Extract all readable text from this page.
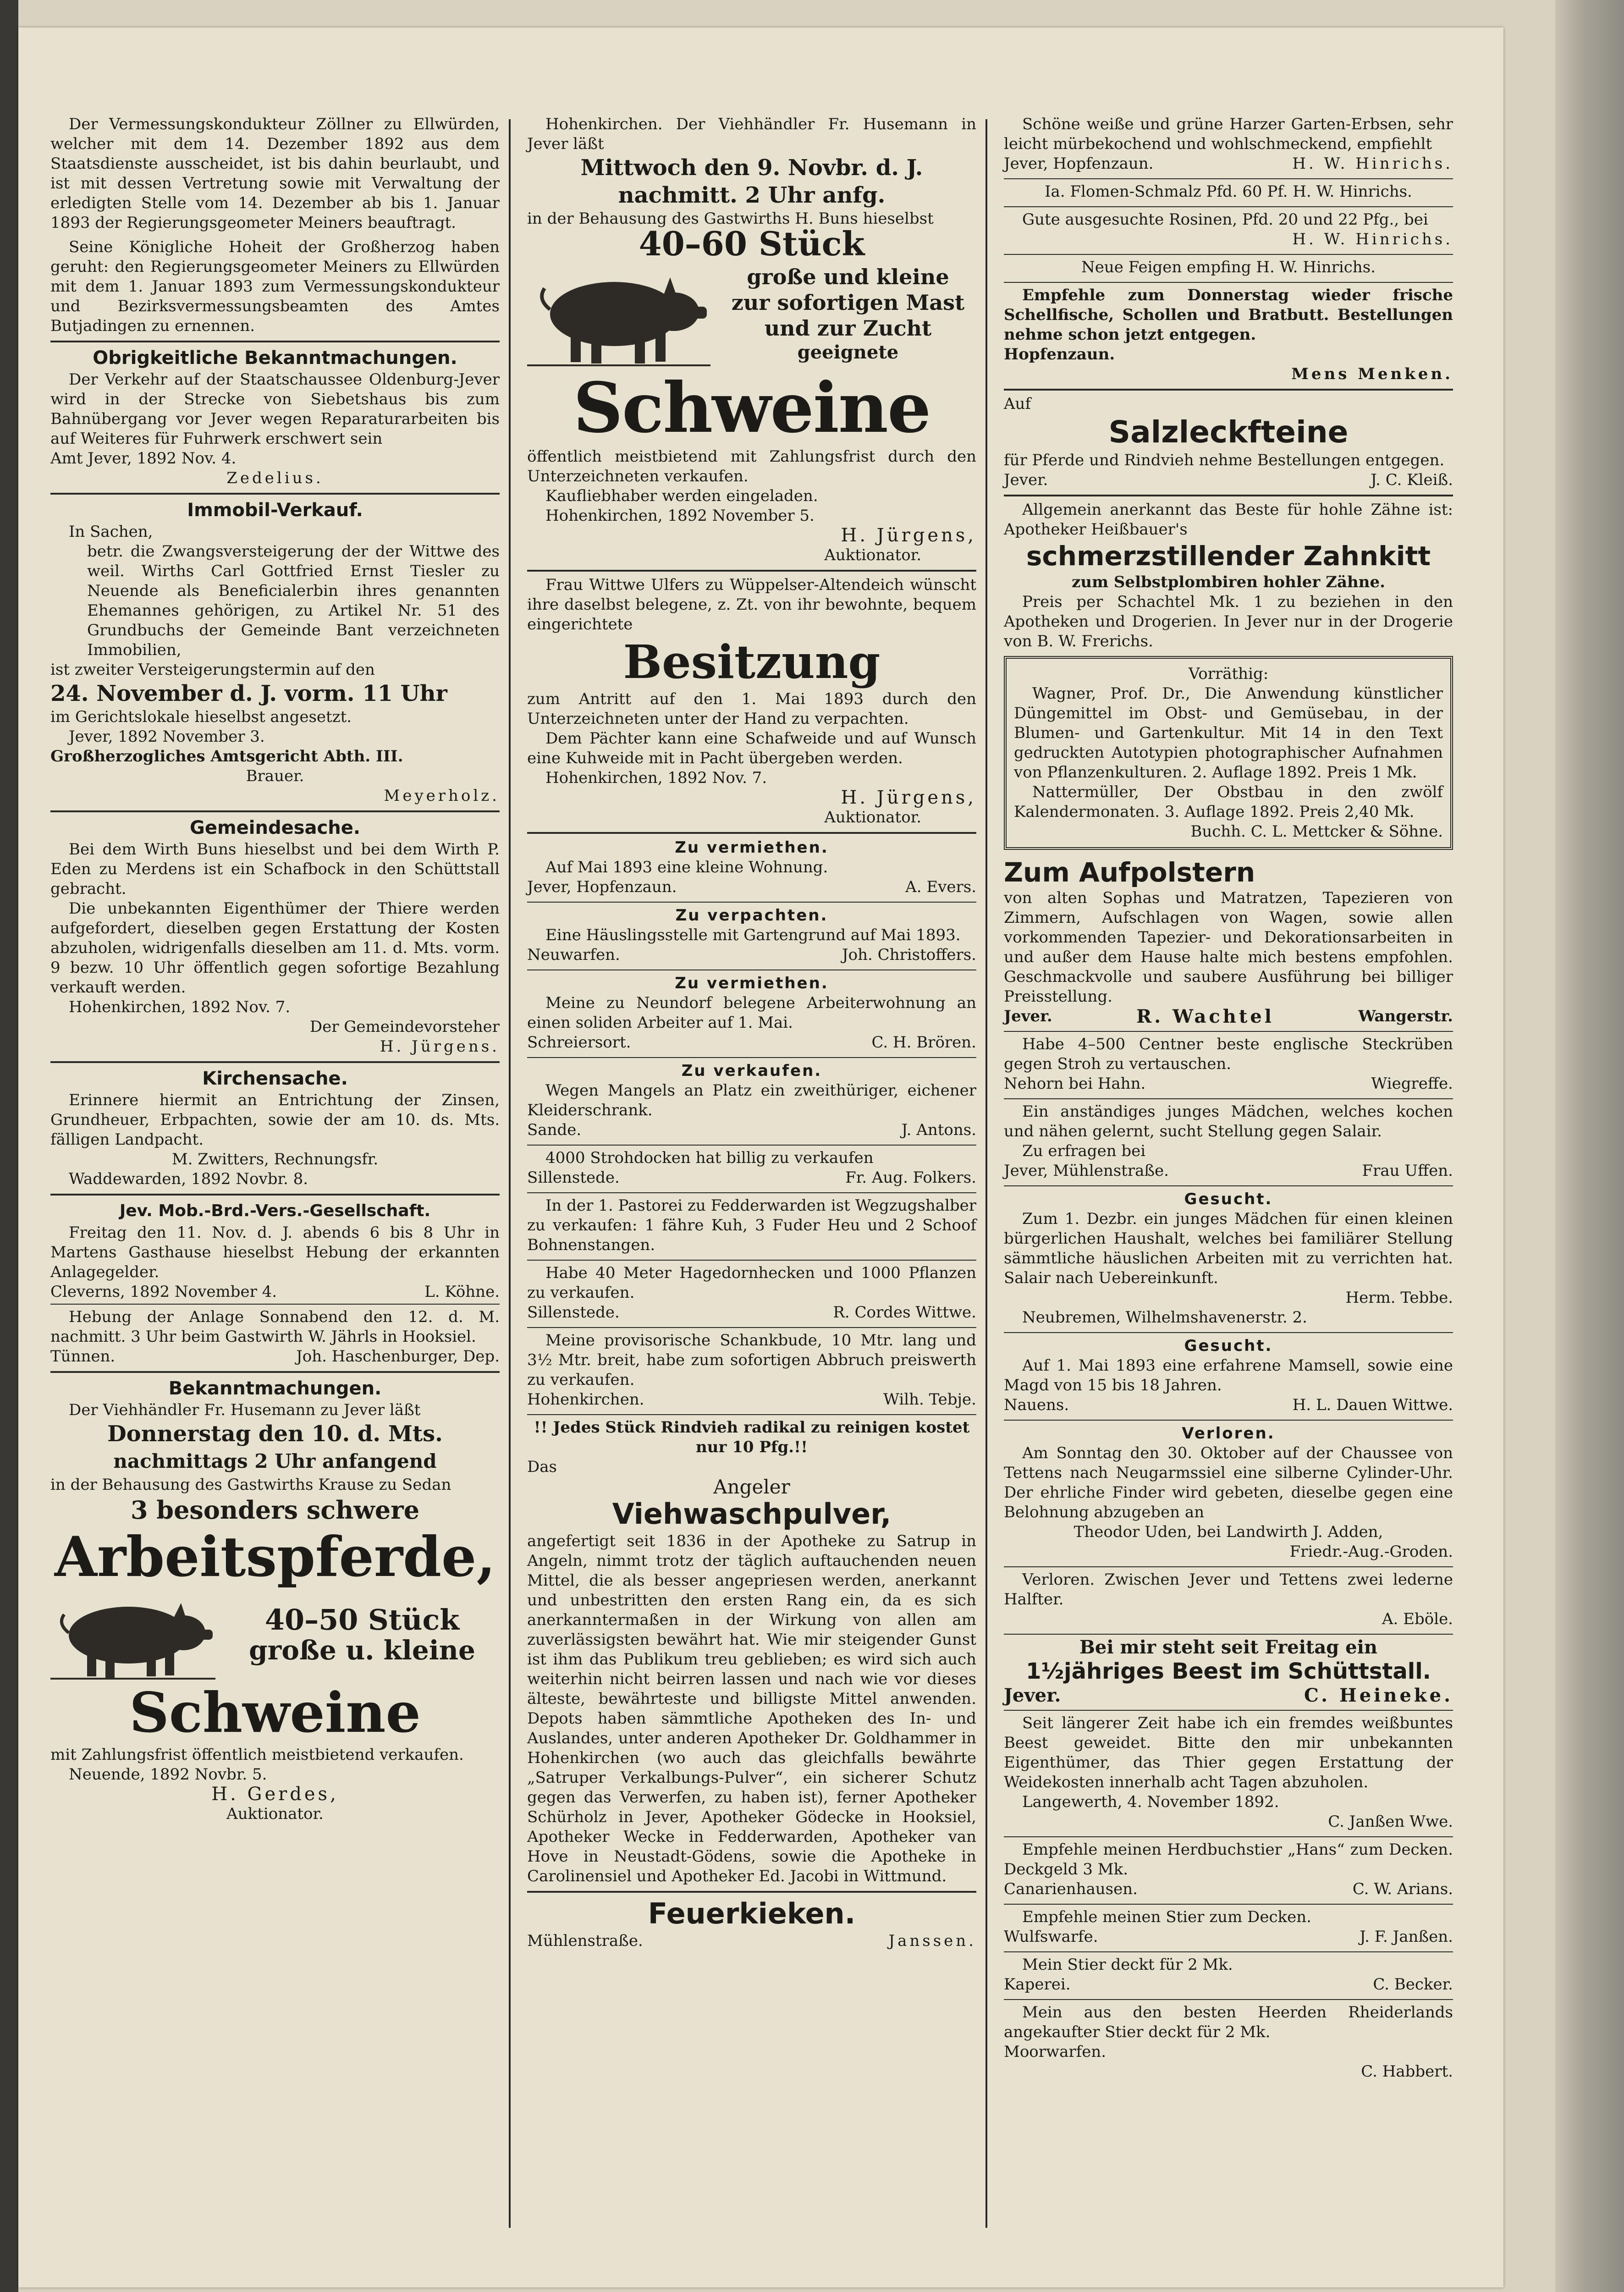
Der Vermessungskondukteur Zöllner zu Ellwürden, welcher mit dem 14. Dezember 1892 aus dem Staatsdienste ausscheidet, ist bis dahin beurlaubt, und ist mit dessen Vertretung sowie mit Verwaltung der erledigten Stelle vom 14. Dezember ab bis 1. Januar 1893 der Regierungsgeometer Meiners beauftragt.
Seine Königliche Hoheit der Großherzog haben geruht: den Regierungsgeometer Meiners zu Ellwürden mit dem 1. Januar 1893 zum Vermessungskondukteur und Bezirksvermessungsbeamten des Amtes Butjadingen zu ernennen.
Obrigkeitliche Bekanntmachungen.
Der Verkehr auf der Staatschaussee Oldenburg-Jever wird in der Strecke von Siebetshaus bis zum Bahnübergang vor Jever wegen Reparaturarbeiten bis auf Weiteres für Fuhrwerk erschwert sein
Amt Jever, 1892 Nov. 4.
Zedelius.
Immobil-Verkauf.
In Sachen,
betr. die Zwangsversteigerung der der Wittwe des weil. Wirths Carl Gottfried Ernst Tiesler zu Neuende als Beneficialerbin ihres genannten Ehemannes gehörigen, zu Artikel Nr. 51 des Grundbuchs der Gemeinde Bant verzeichneten Immobilien,
ist zweiter Versteigerungstermin auf den
24. November d. J. vorm. 11 Uhr
im Gerichtslokale hieselbst angesetzt.
Jever, 1892 November 3.
Großherzogliches Amtsgericht Abth. III.
Brauer.
Meyerholz.
Gemeindesache.
Bei dem Wirth Buns hieselbst und bei dem Wirth P. Eden zu Merdens ist ein Schafbock in den Schüttstall gebracht.
Die unbekannten Eigenthümer der Thiere werden aufgefordert, dieselben gegen Erstattung der Kosten abzuholen, widrigenfalls dieselben am 11. d. Mts. vorm. 9 bezw. 10 Uhr öffentlich gegen sofortige Bezahlung verkauft werden.
Hohenkirchen, 1892 Nov. 7.
Der Gemeindevorsteher
H. Jürgens.
Kirchensache.
Erinnere hiermit an Entrichtung der Zinsen, Grundheuer, Erbpachten, sowie der am 10. ds. Mts. fälligen Landpacht.
M. Zwitters, Rechnungsfr.
Waddewarden, 1892 Novbr. 8.
Jev. Mob.-Brd.-Vers.-Gesellschaft.
Freitag den 11. Nov. d. J. abends 6 bis 8 Uhr in Martens Gasthause hieselbst Hebung der erkannten Anlagegelder.
Cleverns, 1892 November 4.	L. Köhne.
Hebung der Anlage Sonnabend den 12. d. M. nachmitt. 3 Uhr beim Gastwirth W. Jährls in Hooksiel.
Tünnen.	Joh. Haschenburger, Dep.
Bekanntmachungen.
Der Viehhändler Fr. Husemann zu Jever läßt
Donnerstag den 10. d. Mts.
nachmittags 2 Uhr anfangend
in der Behausung des Gastwirths Krause zu Sedan
3 besonders schwere
Arbeitspferde,
40–50 Stück
große u. kleine
Schweine
mit Zahlungsfrist öffentlich meistbietend verkaufen.
Neuende, 1892 Novbr. 5.
H. Gerdes,
Auktionator.
Hohenkirchen. Der Viehhändler Fr. Husemann in Jever läßt
Mittwoch den 9. Novbr. d. J.
nachmitt. 2 Uhr anfg.
in der Behausung des Gastwirths H. Buns hieselbst
40–60 Stück
große und kleine
zur sofortigen Mast
und zur Zucht
geeignete
Schweine
öffentlich meistbietend mit Zahlungsfrist durch den Unterzeichneten verkaufen.
Kaufliebhaber werden eingeladen.
Hohenkirchen, 1892 November 5.
H. Jürgens,
Auktionator.
Frau Wittwe Ulfers zu Wüppelser-Altendeich wünscht ihre daselbst belegene, z. Zt. von ihr bewohnte, bequem eingerichtete
Besitzung
zum Antritt auf den 1. Mai 1893 durch den Unterzeichneten unter der Hand zu verpachten.
Dem Pächter kann eine Schafweide und auf Wunsch eine Kuhweide mit in Pacht übergeben werden.
Hohenkirchen, 1892 Nov. 7.
H. Jürgens,
Auktionator.
Zu vermiethen.
Auf Mai 1893 eine kleine Wohnung.
Jever, Hopfenzaun.	A. Evers.
Zu verpachten.
Eine Häuslingsstelle mit Gartengrund auf Mai 1893.
Neuwarfen.	Joh. Christoffers.
Zu vermiethen.
Meine zu Neundorf belegene Arbeiterwohnung an einen soliden Arbeiter auf 1. Mai.
Schreiersort.	C. H. Brören.
Zu verkaufen.
Wegen Mangels an Platz ein zweithüriger, eichener Kleiderschrank.
Sande.	J. Antons.
4000 Strohdocken hat billig zu verkaufen
Sillenstede.	Fr. Aug. Folkers.
In der 1. Pastorei zu Fedderwarden ist Wegzugshalber zu verkaufen: 1 fähre Kuh, 3 Fuder Heu und 2 Schoof Bohnenstangen.
Habe 40 Meter Hagedornhecken und 1000 Pflanzen zu verkaufen.
Sillenstede.	R. Cordes Wittwe.
Meine provisorische Schankbude, 10 Mtr. lang und 3½ Mtr. breit, habe zum sofortigen Abbruch preiswerth zu verkaufen.
Hohenkirchen.	Wilh. Tebje.
!! Jedes Stück Rindvieh radikal zu reinigen kostet nur 10 Pfg.!!
Das
Angeler
Viehwaschpulver,
angefertigt seit 1836 in der Apotheke zu Satrup in Angeln, nimmt trotz der täglich auftauchenden neuen Mittel, die als besser angepriesen werden, anerkannt und unbestritten den ersten Rang ein, da es sich anerkanntermaßen in der Wirkung von allen am zuverlässigsten bewährt hat. Wie mir steigender Gunst ist ihm das Publikum treu geblieben; es wird sich auch weiterhin nicht beirren lassen und nach wie vor dieses älteste, bewährteste und billigste Mittel anwenden. Depots haben sämmtliche Apotheken des In- und Auslandes, unter anderen Apotheker Dr. Goldhammer in Hohenkirchen (wo auch das gleichfalls bewährte „Satruper Verkalbungs-Pulver“, ein sicherer Schutz gegen das Verwerfen, zu haben ist), ferner Apotheker Schürholz in Jever, Apotheker Gödecke in Hooksiel, Apotheker Wecke in Fedderwarden, Apotheker van Hove in Neustadt-Gödens, sowie die Apotheke in Carolinensiel und Apotheker Ed. Jacobi in Wittmund.
Feuerkieken.
Mühlenstraße.	Janssen.
Schöne weiße und grüne Harzer Garten-Erbsen, sehr leicht mürbekochend und wohlschmeckend, empfiehlt
Jever, Hopfenzaun.	H. W. Hinrichs.
Ia. Flomen-Schmalz Pfd. 60 Pf. H. W. Hinrichs.
Gute ausgesuchte Rosinen, Pfd. 20 und 22 Pfg., bei
H. W. Hinrichs.
Neue Feigen empfing H. W. Hinrichs.
Empfehle zum Donnerstag wieder frische Schellfische, Schollen und Bratbutt. Bestellungen nehme schon jetzt entgegen.
Hopfenzaun.
Mens Menken.
Auf
Salzleckfteine
für Pferde und Rindvieh nehme Bestellungen entgegen.
Jever.	J. C. Kleiß.
Allgemein anerkannt das Beste für hohle Zähne ist: Apotheker Heißbauer's
schmerzstillender Zahnkitt
zum Selbstplombiren hohler Zähne.
Preis per Schachtel Mk. 1 zu beziehen in den Apotheken und Drogerien. In Jever nur in der Drogerie von B. W. Frerichs.
Vorräthig:
Wagner, Prof. Dr., Die Anwendung künstlicher Düngemittel im Obst- und Gemüsebau, in der Blumen- und Gartenkultur. Mit 14 in den Text gedruckten Autotypien photographischer Aufnahmen von Pflanzenkulturen. 2. Auflage 1892. Preis 1 Mk.
Nattermüller, Der Obstbau in den zwölf Kalendermonaten. 3. Auflage 1892. Preis 2,40 Mk.
Buchh. C. L. Mettcker & Söhne.
Zum Aufpolstern
von alten Sophas und Matratzen, Tapezieren von Zimmern, Aufschlagen von Wagen, sowie allen vorkommenden Tapezier- und Dekorationsarbeiten in und außer dem Hause halte mich bestens empfohlen. Geschmackvolle und saubere Ausführung bei billiger Preisstellung.
Jever.	R. Wachtel	Wangerstr.
Habe 4–500 Centner beste englische Steckrüben gegen Stroh zu vertauschen.
Nehorn bei Hahn.	Wiegreffe.
Ein anständiges junges Mädchen, welches kochen und nähen gelernt, sucht Stellung gegen Salair.
Zu erfragen bei
Jever, Mühlenstraße.	Frau Uffen.
Gesucht.
Zum 1. Dezbr. ein junges Mädchen für einen kleinen bürgerlichen Haushalt, welches bei familiärer Stellung sämmtliche häuslichen Arbeiten mit zu verrichten hat. Salair nach Uebereinkunft.
Herm. Tebbe.
Neubremen, Wilhelmshavenerstr. 2.
Gesucht.
Auf 1. Mai 1893 eine erfahrene Mamsell, sowie eine Magd von 15 bis 18 Jahren.
Nauens.	H. L. Dauen Wittwe.
Verloren.
Am Sonntag den 30. Oktober auf der Chaussee von Tettens nach Neugarmssiel eine silberne Cylinder-Uhr. Der ehrliche Finder wird gebeten, dieselbe gegen eine Belohnung abzugeben an
Theodor Uden, bei Landwirth J. Adden,
Friedr.-Aug.-Groden.
Verloren. Zwischen Jever und Tettens zwei lederne Halfter.
A. Eböle.
Bei mir steht seit Freitag ein
1½jähriges Beest im Schüttstall.
Jever.	C. Heineke.
Seit längerer Zeit habe ich ein fremdes weißbuntes Beest geweidet. Bitte den mir unbekannten Eigenthümer, das Thier gegen Erstattung der Weidekosten innerhalb acht Tagen abzuholen.
Langewerth, 4. November 1892.
C. Janßen Wwe.
Empfehle meinen Herdbuchstier „Hans“ zum Decken. Deckgeld 3 Mk.
Canarienhausen.	C. W. Arians.
Empfehle meinen Stier zum Decken.
Wulfswarfe.	J. F. Janßen.
Mein Stier deckt für 2 Mk.
Kaperei.	C. Becker.
Mein aus den besten Heerden Rheiderlands angekaufter Stier deckt für 2 Mk.
Moorwarfen.
C. Habbert.
